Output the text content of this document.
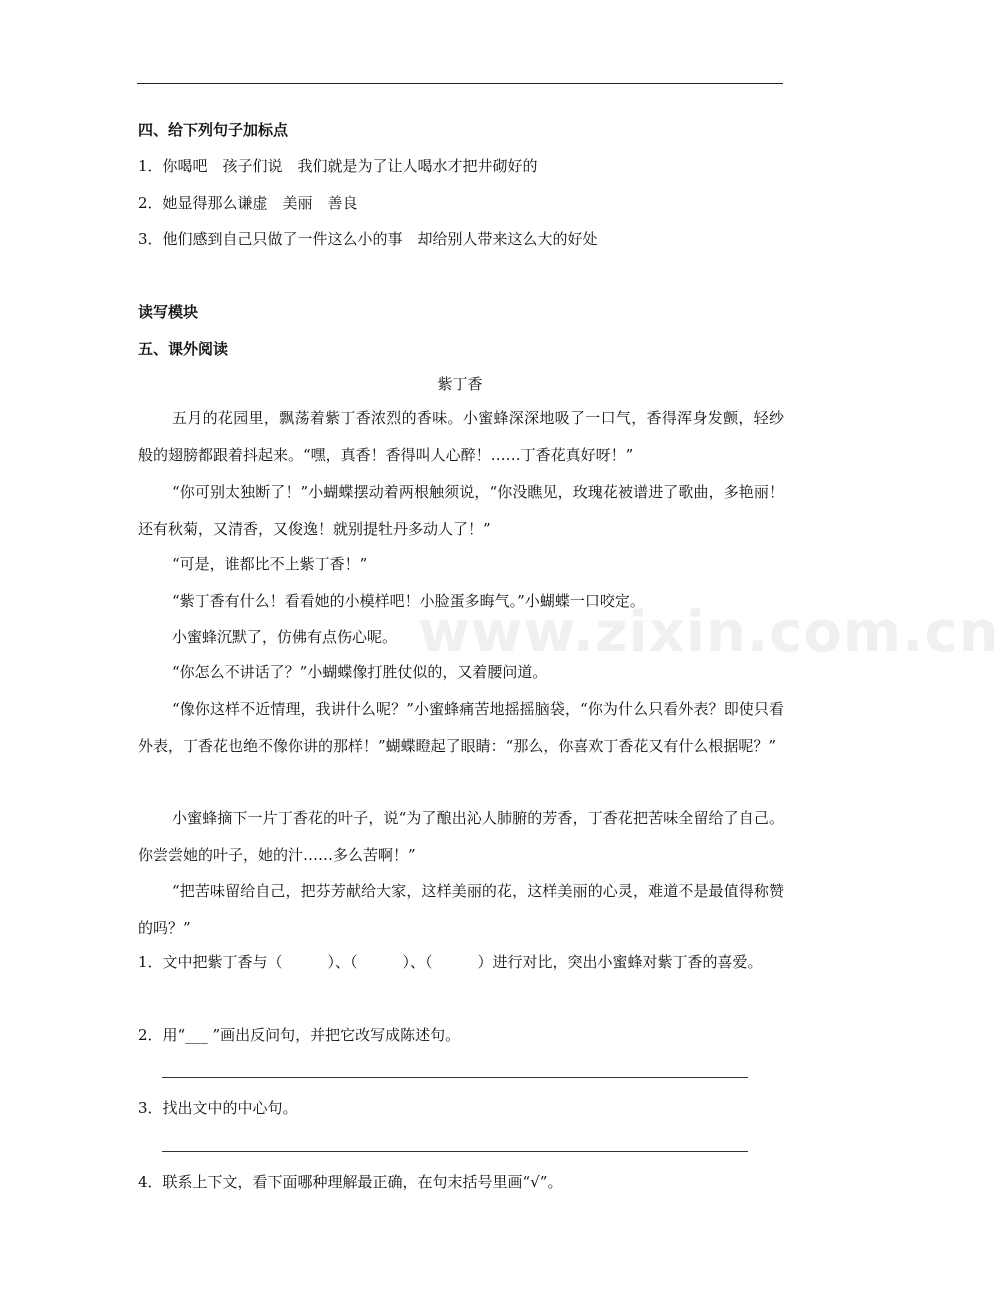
四、给下列句子加标点

1．你喝吧　孩子们说　我们就是为了让人喝水才把井砌好的

2．她显得那么谦虚　美丽　善良

3．他们感到自己只做了一件这么小的事　却给别人带来这么大的好处

读写模块

五、课外阅读

紫丁香

五月的花园里，飘荡着紫丁香浓烈的香味。小蜜蜂深深地吸了一口气，香得浑身发颤，轻纱般的翅膀都跟着抖起来。“嘿，真香！香得叫人心醉！……丁香花真好呀！”

“你可别太独断了！”小蝴蝶摆动着两根触须说，“你没瞧见，玫瑰花被谱进了歌曲，多艳丽！还有秋菊，又清香，又俊逸！就别提牡丹多动人了！”

“可是，谁都比不上紫丁香！”

“紫丁香有什么！看看她的小模样吧！小脸蛋多晦气。”小蝴蝶一口咬定。

小蜜蜂沉默了，仿佛有点伤心呢。

“你怎么不讲话了？”小蝴蝶像打胜仗似的，又着腰问道。

“像你这样不近情理，我讲什么呢？”小蜜蜂痛苦地摇摇脑袋，“你为什么只看外表？即使只看外表，丁香花也绝不像你讲的那样！”蝴蝶瞪起了眼睛：“那么，你喜欢丁香花又有什么根据呢？”

小蜜蜂摘下一片丁香花的叶子，说“为了酿出沁人肺腑的芳香，丁香花把苦味全留给了自己。你尝尝她的叶子，她的汁……多么苦啊！”

“把苦味留给自己，把芬芳献给大家，这样美丽的花，这样美丽的心灵，难道不是最值得称赞的吗？”

1．文中把紫丁香与（　　　）、（　　　）、（　　　）进行对比，突出小蜜蜂对紫丁香的喜爱。

2．用“___ ”画出反问句，并把它改写成陈述句。

3．找出文中的中心句。

4．联系上下文，看下面哪种理解最正确，在句末括号里画“√”。

www.zixin.com.cn
